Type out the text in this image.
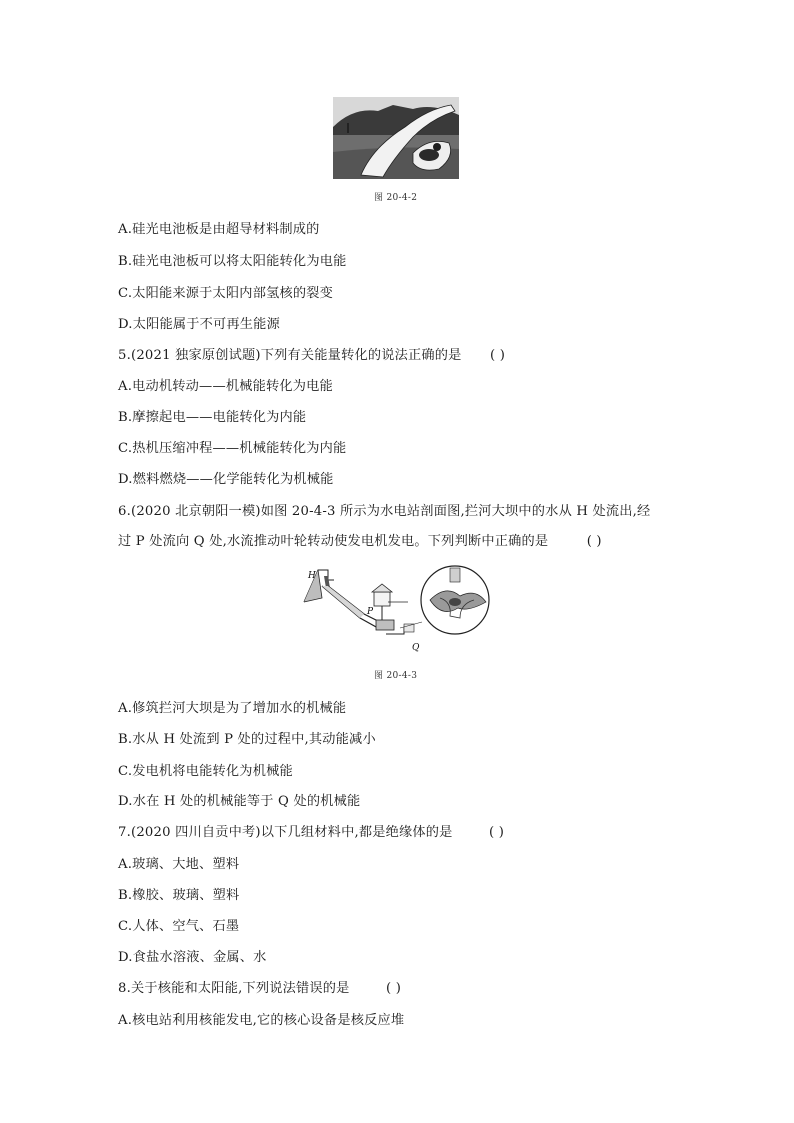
图 20-4-2
A.硅光电池板是由超导材料制成的
B.硅光电池板可以将太阳能转化为电能
C.太阳能来源于太阳内部氢核的裂变
D.太阳能属于不可再生能源
5.(2021 独家原创试题)下列有关能量转化的说法正确的是 ( )
A.电动机转动——机械能转化为电能
B.摩擦起电——电能转化为内能
C.热机压缩冲程——机械能转化为内能
D.燃料燃烧——化学能转化为机械能
6.(2020 北京朝阳一模)如图 20-4-3 所示为水电站剖面图,拦河大坝中的水从 H 处流出,经
过 P 处流向 Q 处,水流推动叶轮转动使发电机发电。下列判断中正确的是	( )
H
P
Q
图 20-4-3
A.修筑拦河大坝是为了增加水的机械能
B.水从 H 处流到 P 处的过程中,其动能减小
C.发电机将电能转化为机械能
D.水在 H 处的机械能等于 Q 处的机械能
7.(2020 四川自贡中考)以下几组材料中,都是绝缘体的是	( )
A.玻璃、大地、塑料
B.橡胶、玻璃、塑料
C.人体、空气、石墨
D.食盐水溶液、金属、水
8.关于核能和太阳能,下列说法错误的是	( )
A.核电站利用核能发电,它的核心设备是核反应堆
